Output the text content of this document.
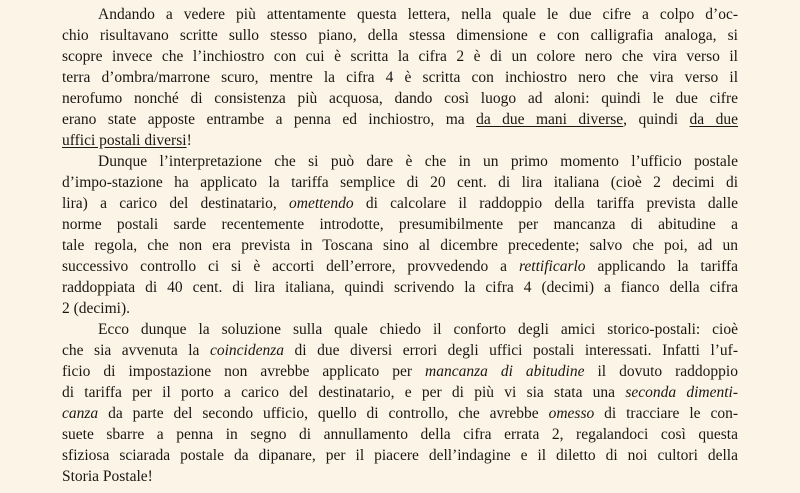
Andando a vedere più attentamente questa lettera, nella quale le due cifre a colpo d’oc-
chio risultavano scritte sullo stesso piano, della stessa dimensione e con calligrafia analoga, si
scopre invece che l’inchiostro con cui è scritta la cifra 2 è di un colore nero che vira verso il
terra d’ombra/marrone scuro, mentre la cifra 4 è scritta con inchiostro nero che vira verso il
nerofumo nonché di consistenza più acquosa, dando così luogo ad aloni: quindi le due cifre
erano state apposte entrambe a penna ed inchiostro, ma da due mani diverse, quindi da due
uffici postali diversi!
Dunque l’interpretazione che si può dare è che in un primo momento l’ufficio postale
d’impo-stazione ha applicato la tariffa semplice di 20 cent. di lira italiana (cioè 2 decimi di
lira) a carico del destinatario, omettendo di calcolare il raddoppio della tariffa prevista dalle
norme postali sarde recentemente introdotte, presumibilmente per mancanza di abitudine a
tale regola, che non era prevista in Toscana sino al dicembre precedente; salvo che poi, ad un
successivo controllo ci si è accorti dell’errore, provvedendo a rettificarlo applicando la tariffa
raddoppiata di 40 cent. di lira italiana, quindi scrivendo la cifra 4 (decimi) a fianco della cifra
2 (decimi).
Ecco dunque la soluzione sulla quale chiedo il conforto degli amici storico-postali: cioè
che sia avvenuta la coincidenza di due diversi errori degli uffici postali interessati. Infatti l’uf-
ficio di impostazione non avrebbe applicato per mancanza di abitudine il dovuto raddoppio
di tariffa per il porto a carico del destinatario, e per di più vi sia stata una seconda dimenti-
canza da parte del secondo ufficio, quello di controllo, che avrebbe omesso di tracciare le con-
suete sbarre a penna in segno di annullamento della cifra errata 2, regalandoci così questa
sfiziosa sciarada postale da dipanare, per il piacere dell’indagine e il diletto di noi cultori della
Storia Postale!
